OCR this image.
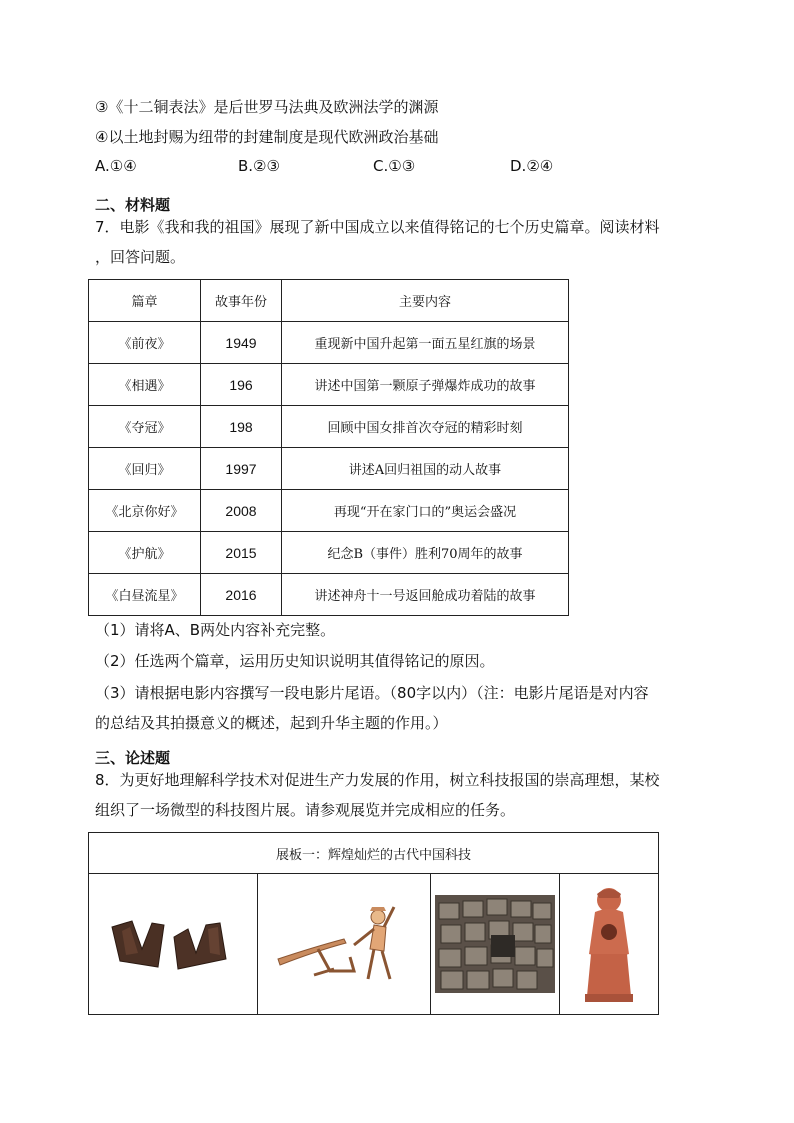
③《十二铜表法》是后世罗马法典及欧洲法学的渊源
④以土地封赐为纽带的封建制度是现代欧洲政治基础
A.①④	B.②③	C.①③	D.②④
二、材料题
7．电影《我和我的祖国》展现了新中国成立以来值得铭记的七个历史篇章。阅读材料
，回答问题。
篇章	故事年份	主要内容
《前夜》	1949	重现新中国升起第一面五星红旗的场景
《相遇》	196	讲述中国第一颗原子弹爆炸成功的故事
《夺冠》	198	回顾中国女排首次夺冠的精彩时刻
《回归》	1997	讲述A回归祖国的动人故事
《北京你好》	2008	再现“开在家门口的”奥运会盛况
《护航》	2015	纪念B（事件）胜利70周年的故事
《白昼流星》	2016	讲述神舟十一号返回舱成功着陆的故事
（1）请将A、B两处内容补充完整。
（2）任选两个篇章，运用历史知识说明其值得铭记的原因。
（3）请根据电影内容撰写一段电影片尾语。（80字以内）（注：电影片尾语是对内容
的总结及其拍摄意义的概述，起到升华主题的作用。）
三、论述题
8．为更好地理解科学技术对促进生产力发展的作用，树立科技报国的崇高理想，某校
组织了一场微型的科技图片展。请参观展览并完成相应的任务。
展板一：辉煌灿烂的古代中国科技
